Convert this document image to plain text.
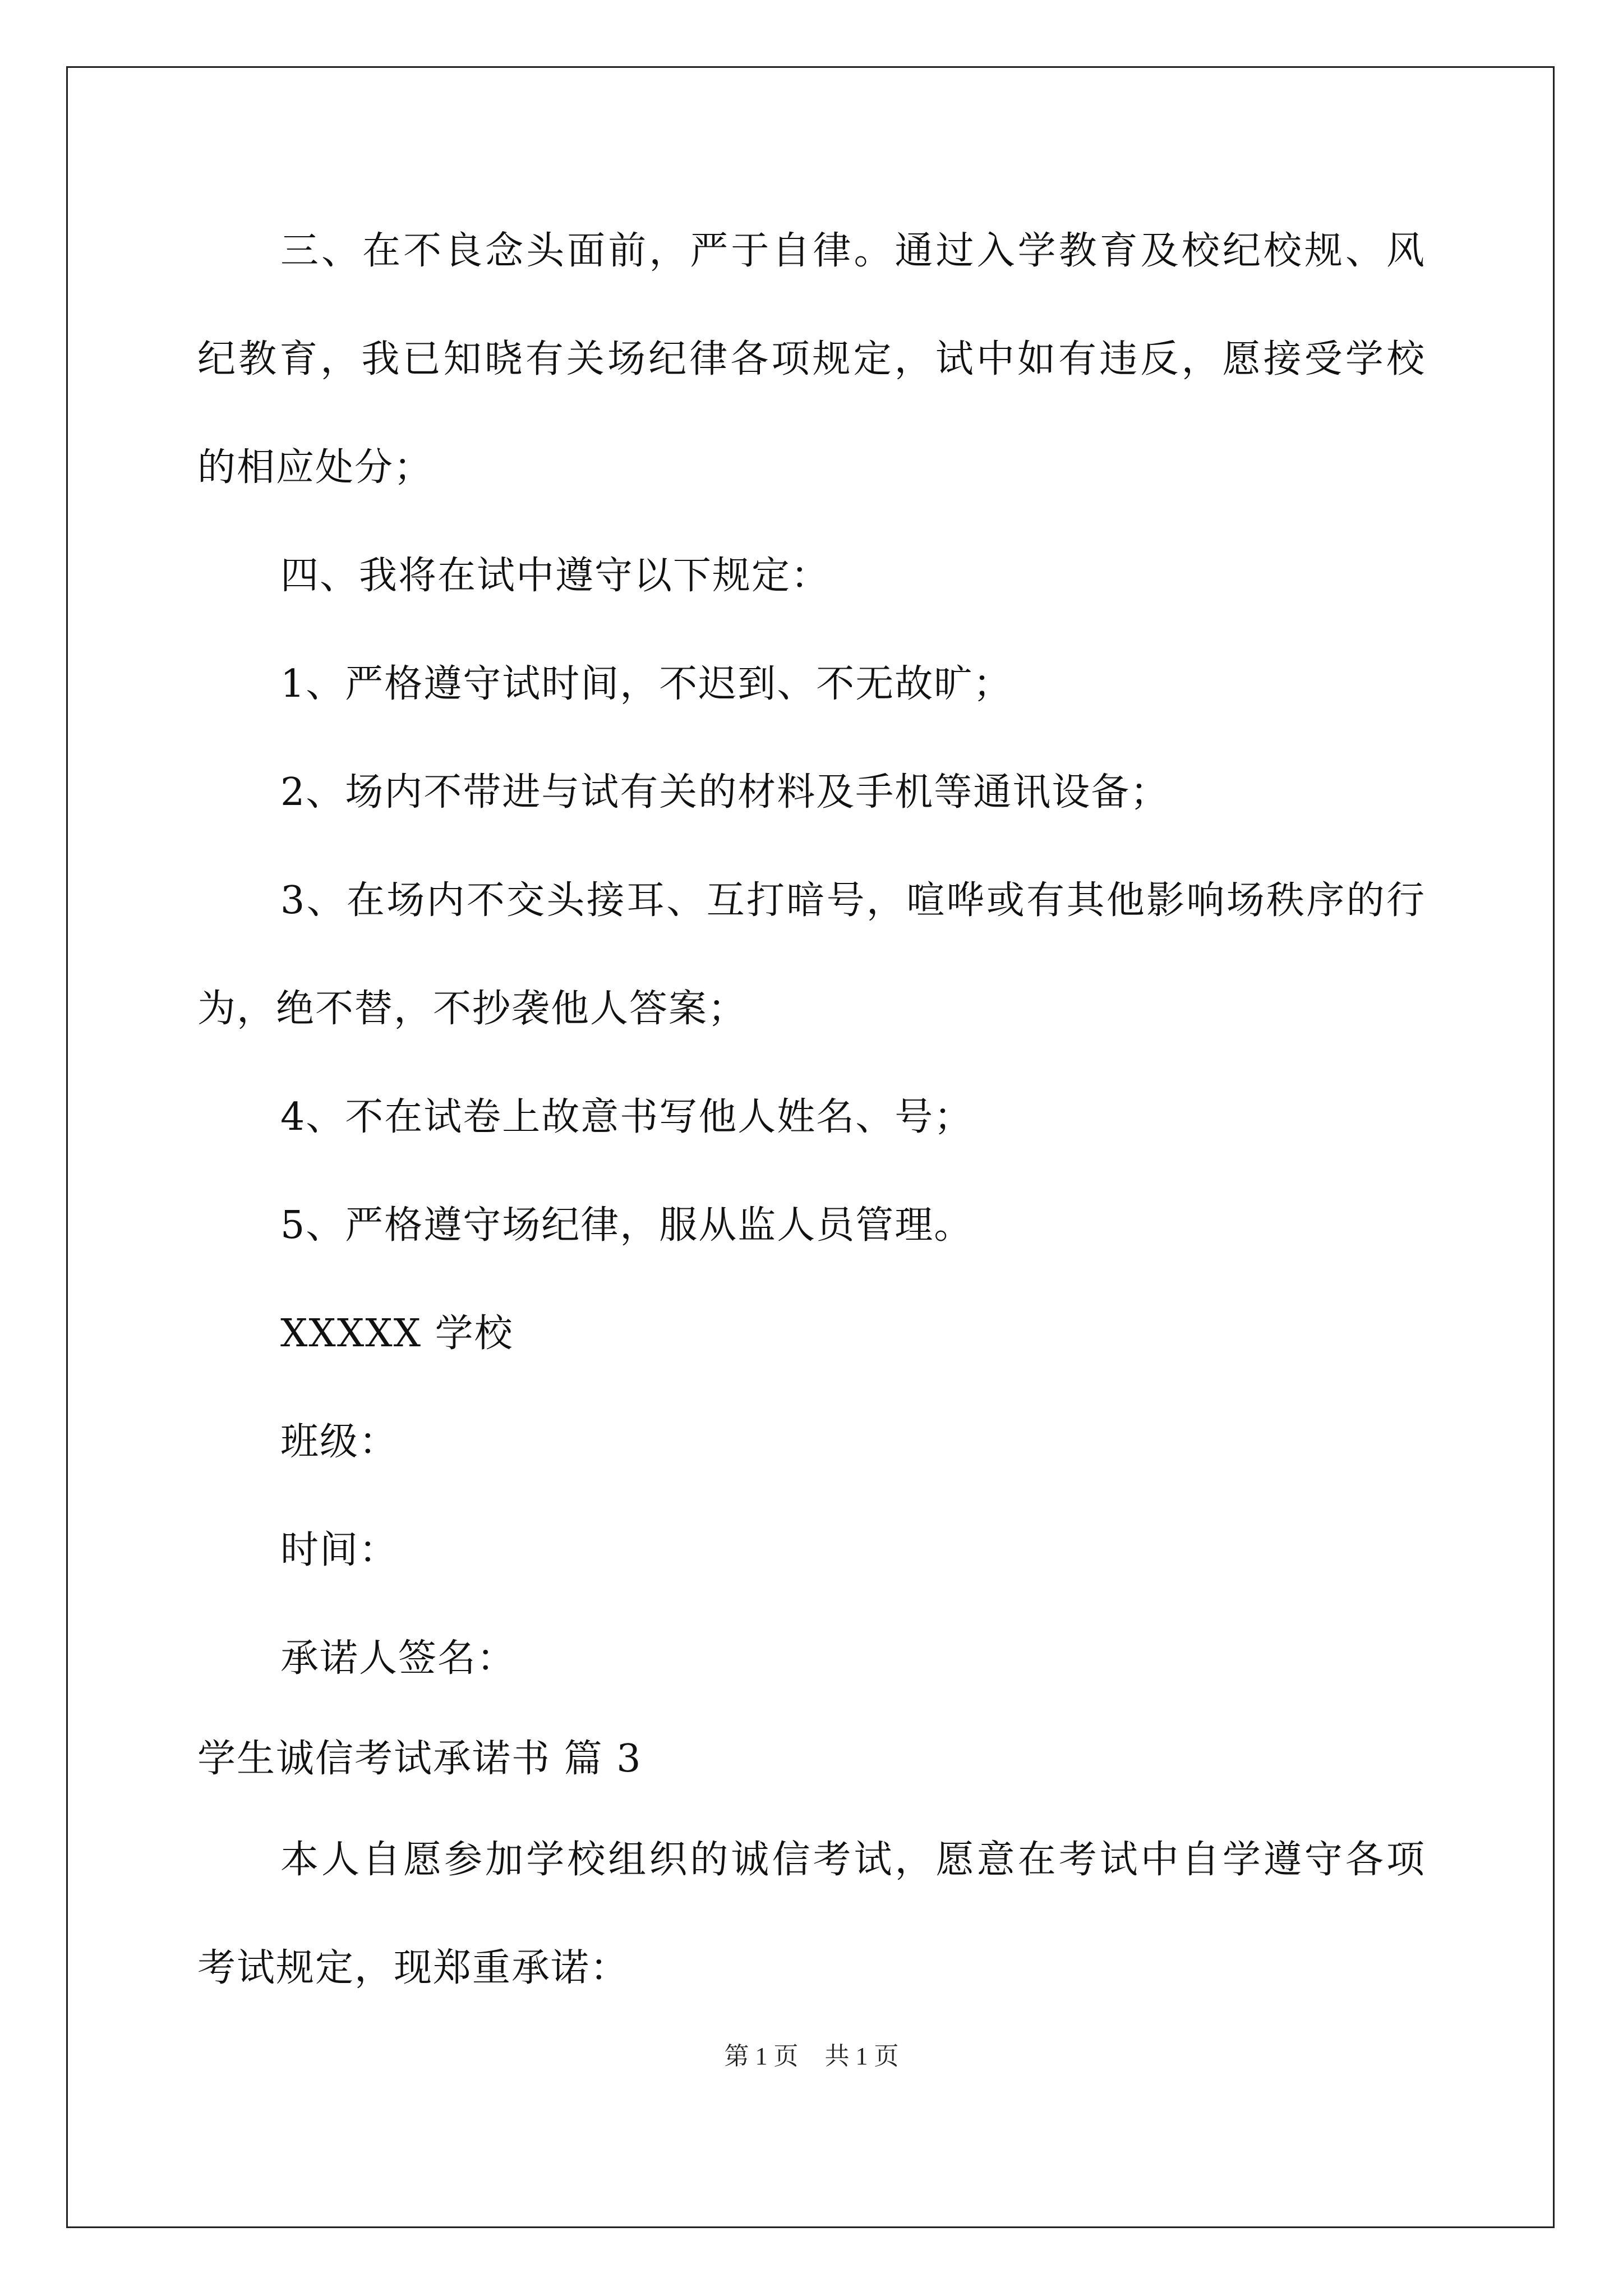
三、在不良念头面前，严于自律。通过入学教育及校纪校规、风
纪教育，我已知晓有关场纪律各项规定，试中如有违反，愿接受学校
的相应处分；
四、我将在试中遵守以下规定：
1、严格遵守试时间，不迟到、不无故旷；
2、场内不带进与试有关的材料及手机等通讯设备；
3、在场内不交头接耳、互打暗号，喧哗或有其他影响场秩序的行
为，绝不替，不抄袭他人答案；
4、不在试卷上故意书写他人姓名、号；
5、严格遵守场纪律，服从监人员管理。
XXXXX 学校
班级：
时间：
承诺人签名：
学生诚信考试承诺书 篇 3
本人自愿参加学校组织的诚信考试，愿意在考试中自学遵守各项
考试规定，现郑重承诺：
第 1 页 共 1 页
